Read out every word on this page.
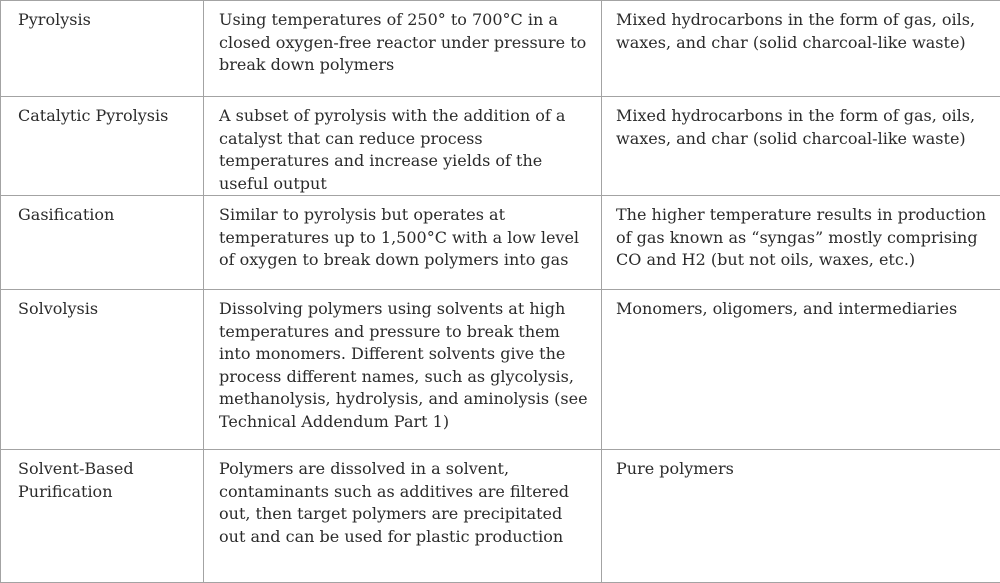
Pyrolysis	Using temperatures of 250° to 700°C in a closed oxygen-free reactor under pressure to break down polymers	Mixed hydrocarbons in the form of gas, oils, waxes, and char (solid charcoal-like waste)
Catalytic Pyrolysis	A subset of pyrolysis with the addition of a catalyst that can reduce process temperatures and increase yields of the useful output	Mixed hydrocarbons in the form of gas, oils, waxes, and char (solid charcoal-like waste)
Gasification	Similar to pyrolysis but operates at temperatures up to 1,500°C with a low level of oxygen to break down polymers into gas	The higher temperature results in production of gas known as “syngas” mostly comprising CO and H2 (but not oils, waxes, etc.)
Solvolysis	Dissolving polymers using solvents at high temperatures and pressure to break them into monomers. Different solvents give the process different names, such as glycolysis, methanolysis, hydrolysis, and aminolysis (see Technical Addendum Part 1)	Monomers, oligomers, and intermediaries
Solvent-Based Purification	Polymers are dissolved in a solvent, contaminants such as additives are filtered out, then target polymers are precipitated out and can be used for plastic production	Pure polymers
